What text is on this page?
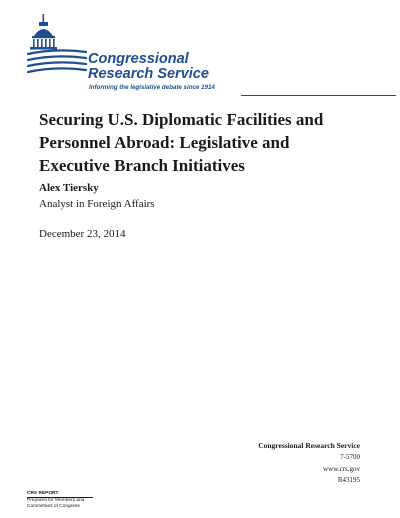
Congressional
Research Service
Informing the legislative debate since 1914
Securing U.S. Diplomatic Facilities and Personnel Abroad: Legislative and Executive Branch Initiatives
Alex Tiersky
Analyst in Foreign Affairs
December 23, 2014
Congressional Research Service
7-5700
www.crs.gov
R43195
CRS REPORT
Prepared for Members and
Committees of Congress
